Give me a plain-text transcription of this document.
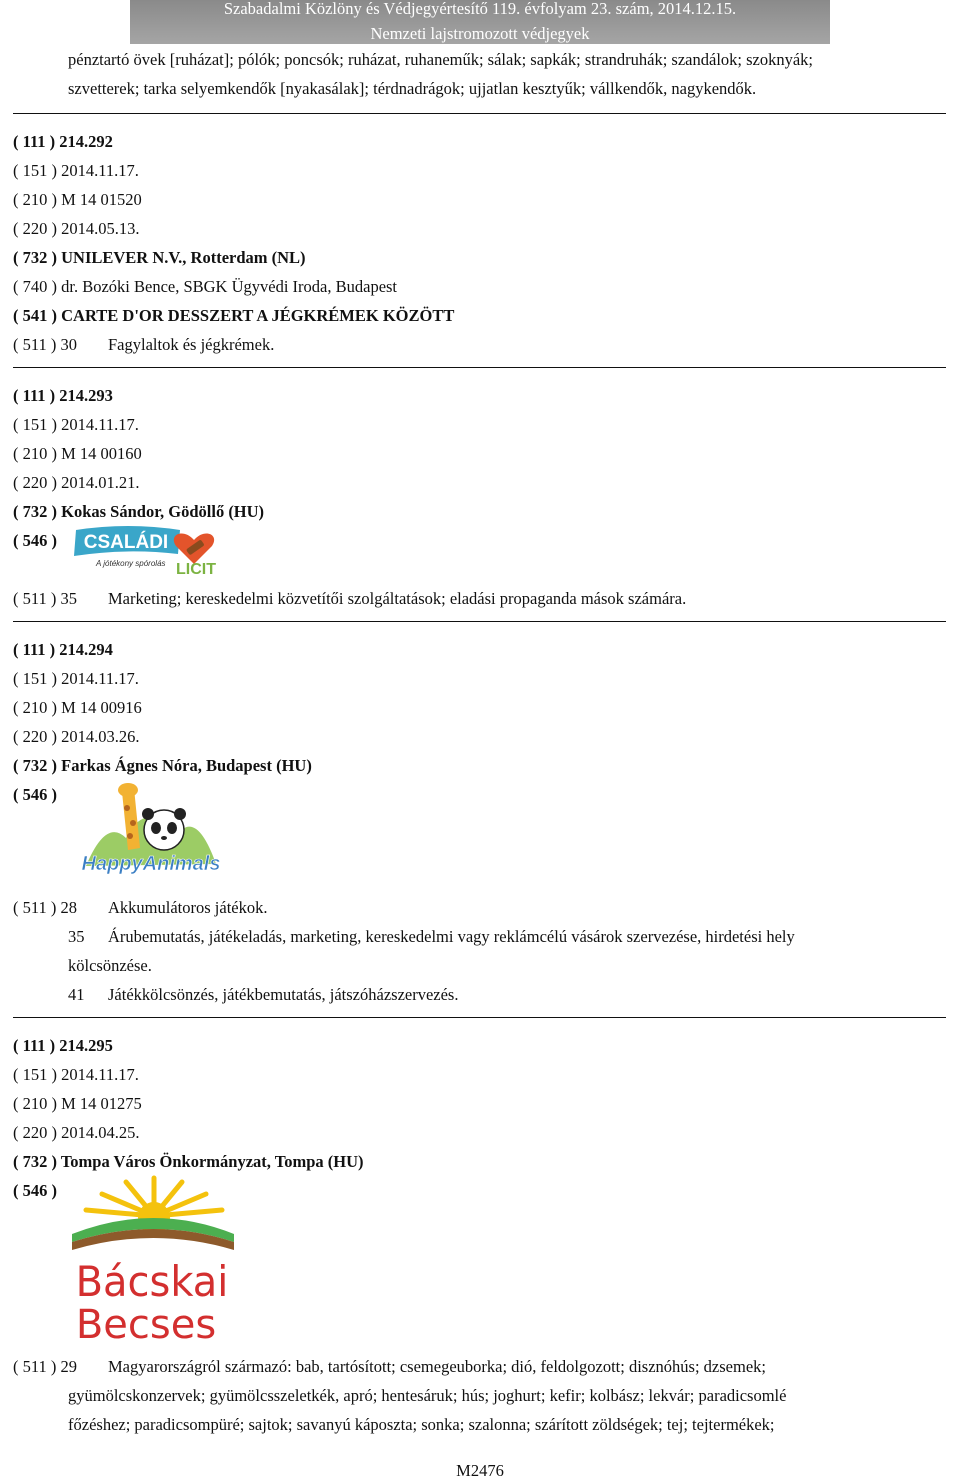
Szabadalmi Közlöny és Védjegyértesítő 119. évfolyam 23. szám, 2014.12.15.
Nemzeti lajstromozott védjegyek
pénztartó övek [ruházat]; pólók; poncsók; ruházat, ruhaneműk; sálak; sapkák; strandruhák; szandálok; szoknyák;
szvetterek; tarka selyemkendők [nyakasálak]; térdnadrágok; ujjatlan kesztyűk; vállkendők, nagykendők.
( 111 ) 214.292
( 151 ) 2014.11.17.
( 210 ) M 14 01520
( 220 ) 2014.05.13.
( 732 ) UNILEVER N.V., Rotterdam (NL)
( 740 ) dr. Bozóki Bence, SBGK Ügyvédi Iroda, Budapest
( 541 ) CARTE D'OR DESSZERT A JÉGKRÉMEK KÖZÖTT
( 511 ) 30 Fagylaltok és jégkrémek.
( 111 ) 214.293
( 151 ) 2014.11.17.
( 210 ) M 14 00160
( 220 ) 2014.01.21.
( 732 ) Kokas Sándor, Gödöllő (HU)
( 546 ) CSALÁDI
A jótékony spórolás LICIT
( 511 ) 35 Marketing; kereskedelmi közvetítői szolgáltatások; eladási propaganda mások számára.
( 111 ) 214.294
( 151 ) 2014.11.17.
( 210 ) M 14 00916
( 220 ) 2014.03.26.
( 732 ) Farkas Ágnes Nóra, Budapest (HU)
( 546 )
HappyAnimals
( 511 ) 28 Akkumulátoros játékok.
35 Árubemutatás, játékeladás, marketing, kereskedelmi vagy reklámcélú vásárok szervezése, hirdetési hely
kölcsönzése.
41 Játékkölcsönzés, játékbemutatás, játszóházszervezés.
( 111 ) 214.295
( 151 ) 2014.11.17.
( 210 ) M 14 01275
( 220 ) 2014.04.25.
( 732 ) Tompa Város Önkormányzat, Tompa (HU)
( 546 )
Bácskai
Becses
( 511 ) 29 Magyarországról származó: bab, tartósított; csemegeuborka; dió, feldolgozott; disznóhús; dzsemek;
gyümölcskonzervek; gyümölcsszeletkék, apró; hentesáruk; hús; joghurt; kefir; kolbász; lekvár; paradicsomlé
főzéshez; paradicsompüré; sajtok; savanyú káposzta; sonka; szalonna; szárított zöldségek; tej; tejtermékek;
M2476
